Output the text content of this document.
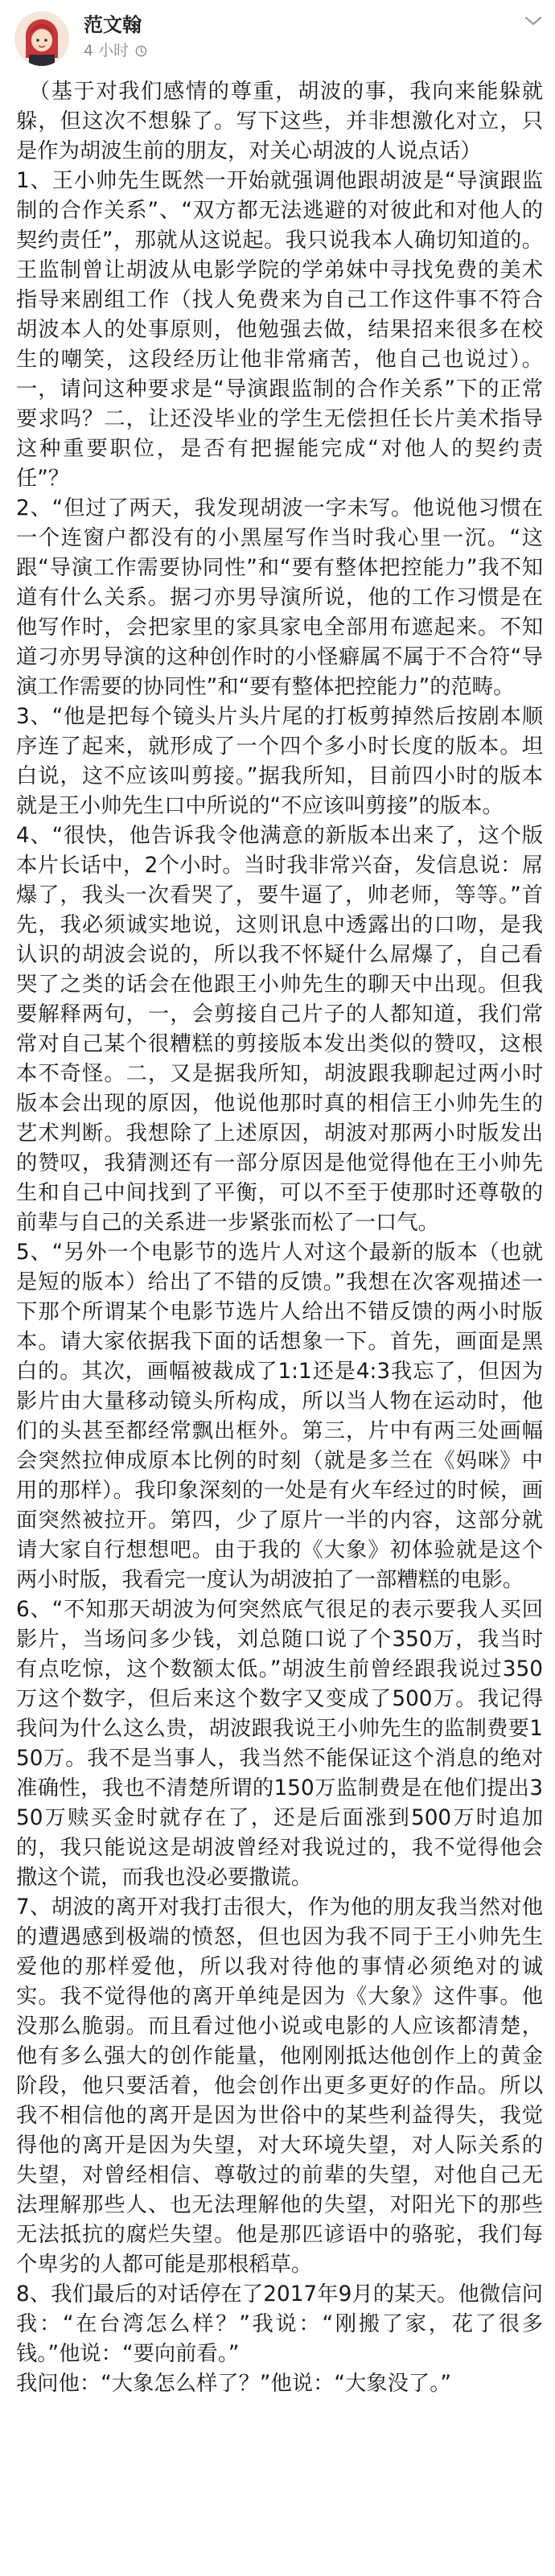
范文翰
4 小时

（基于对我们感情的尊重，胡波的事，我向来能躲就躲，但这次不想躲了。写下这些，并非想激化对立，只是作为胡波生前的朋友，对关心胡波的人说点话）

1、王小帅先生既然一开始就强调他跟胡波是“导演跟监制的合作关系”、“双方都无法逃避的对彼此和对他人的契约责任”，那就从这说起。我只说我本人确切知道的。王监制曾让胡波从电影学院的学弟妹中寻找免费的美术指导来剧组工作（找人免费来为自己工作这件事不符合胡波本人的处事原则，他勉强去做，结果招来很多在校生的嘲笑，这段经历让他非常痛苦，他自己也说过）。一，请问这种要求是“导演跟监制的合作关系”下的正常要求吗？二，让还没毕业的学生无偿担任长片美术指导这种重要职位，是否有把握能完成“对他人的契约责任”？

2、“但过了两天，我发现胡波一字未写。他说他习惯在一个连窗户都没有的小黑屋写作当时我心里一沉。“这跟“导演工作需要协同性”和“要有整体把控能力”我不知道有什么关系。据刁亦男导演所说，他的工作习惯是在他写作时，会把家里的家具家电全部用布遮起来。不知道刁亦男导演的这种创作时的小怪癖属不属于不合符“导演工作需要的协同性”和“要有整体把控能力”的范畴。

3、“他是把每个镜头片头片尾的打板剪掉然后按剧本顺序连了起来，就形成了一个四个多小时长度的版本。坦白说，这不应该叫剪接。”据我所知，目前四小时的版本就是王小帅先生口中所说的“不应该叫剪接”的版本。

4、“很快，他告诉我令他满意的新版本出来了，这个版本片长话中，2个小时。当时我非常兴奋，发信息说：屌爆了，我头一次看哭了，要牛逼了，帅老师，等等。”首先，我必须诚实地说，这则讯息中透露出的口吻，是我认识的胡波会说的，所以我不怀疑什么屌爆了，自己看哭了之类的话会在他跟王小帅先生的聊天中出现。但我要解释两句，一，会剪接自己片子的人都知道，我们常常对自己某个很糟糕的剪接版本发出类似的赞叹，这根本不奇怪。二，又是据我所知，胡波跟我聊起过两小时版本会出现的原因，他说他那时真的相信王小帅先生的艺术判断。我想除了上述原因，胡波对那两小时版发出的赞叹，我猜测还有一部分原因是他觉得他在王小帅先生和自己中间找到了平衡，可以不至于使那时还尊敬的前辈与自己的关系进一步紧张而松了一口气。

5、“另外一个电影节的选片人对这个最新的版本（也就是短的版本）给出了不错的反馈。”我想在次客观描述一下那个所谓某个电影节选片人给出不错反馈的两小时版本。请大家依据我下面的话想象一下。首先，画面是黑白的。其次，画幅被裁成了1:1还是4:3我忘了，但因为影片由大量移动镜头所构成，所以当人物在运动时，他们的头甚至都经常飘出框外。第三，片中有两三处画幅会突然拉伸成原本比例的时刻（就是多兰在《妈咪》中用的那样）。我印象深刻的一处是有火车经过的时候，画面突然被拉开。第四，少了原片一半的内容，这部分就请大家自行想想吧。由于我的《大象》初体验就是这个两小时版，我看完一度认为胡波拍了一部糟糕的电影。

6、“不知那天胡波为何突然底气很足的表示要我人买回影片，当场问多少钱，刘总随口说了个350万，我当时有点吃惊，这个数额太低。”胡波生前曾经跟我说过350万这个数字，但后来这个数字又变成了500万。我记得我问为什么这么贵，胡波跟我说王小帅先生的监制费要150万。我不是当事人，我当然不能保证这个消息的绝对准确性，我也不清楚所谓的150万监制费是在他们提出350万赎买金时就存在了，还是后面涨到500万时追加的，我只能说这是胡波曾经对我说过的，我不觉得他会撒这个谎，而我也没必要撒谎。

7、胡波的离开对我打击很大，作为他的朋友我当然对他的遭遇感到极端的愤怒，但也因为我不同于王小帅先生爱他的那样爱他，所以我对待他的事情必须绝对的诚实。我不觉得他的离开单纯是因为《大象》这件事。他没那么脆弱。而且看过他小说或电影的人应该都清楚，他有多么强大的创作能量，他刚刚抵达他创作上的黄金阶段，他只要活着，他会创作出更多更好的作品。所以我不相信他的离开是因为世俗中的某些利益得失，我觉得他的离开是因为失望，对大环境失望，对人际关系的失望，对曾经相信、尊敬过的前辈的失望，对他自己无法理解那些人、也无法理解他的失望，对阳光下的那些无法抵抗的腐烂失望。他是那匹谚语中的骆驼，我们每个卑劣的人都可能是那根稻草。

8、我们最后的对话停在了2017年9月的某天。他微信问我：“在台湾怎么样？”我说：“刚搬了家，花了很多钱。”他说：“要向前看。”

我问他：“大象怎么样了？”他说：“大象没了。”
